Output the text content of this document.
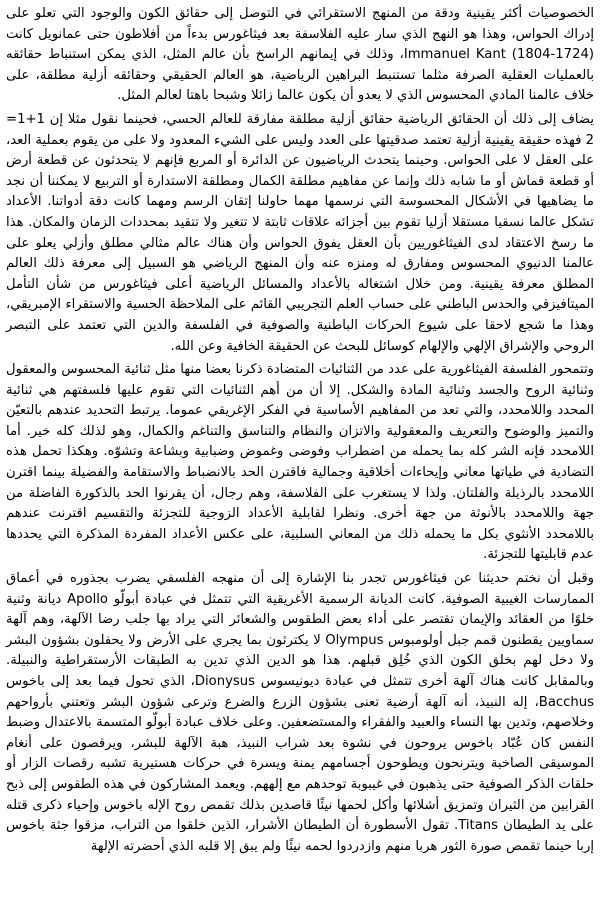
الخصوصيات أكثر يقينية ودقة من المنهج الاستقرائي في التوصل إلى حقائق الكون والوجود التي تعلو على إدراك الحواس، وهذا هو النهج الذي سار عليه الفلاسفة بعد فيثاغورس بدءاً من أفلاطون حتى عمانويل كانت (1724-1804) Immanuel Kant، وذلك في إيمانهم الراسخ بأن عالم المثل، الذي يمكن استنباط حقائقه بالعمليات العقلية الصرفة مثلما تستنبط البراهين الرياضية، هو العالم الحقيقي وحقائقه أزلية مطلقة، على خلاف عالمنا المادي المحسوس الذي لا يعدو أن يكون عالما زائلا وشبحا باهتا لعالم المثل.

يضاف إلى ذلك أن الحقائق الرياضية حقائق أزلية مطلقة مفارقة للعالم الحسي، فحينما نقول مثلا إن 1+1= 2 فهذه حقيقة يقينية أزلية تعتمد صدقيتها على العدد وليس على الشيء المعدود ولا على من يقوم بعملية العد، على العقل لا على الحواس. وحينما يتحدث الرياضيون عن الدائرة أو المربع فإنهم لا يتحدثون عن قطعة أرض أو قطعة قماش أو ما شابه ذلك وإنما عن مفاهيم مطلقة الكمال ومطلقة الاستدارة أو التربيع لا يمكننا أن نجد ما يضاهيها في الأشكال المحسوسة التي نرسمها مهما حاولنا إتقان الرسم ومهما كانت دقة أدواتنا. الأعداد تشكل عالما نسقيا مستقلا أزليا تقوم بين أجزائه علاقات ثابتة لا تتغير ولا تتقيد بمحددات الزمان والمكان. هذا ما رسخ الاعتقاد لدى الفيثاغوريين بأن العقل يفوق الحواس وأن هناك عالم مثالي مطلق وأزلي يعلو على عالمنا الدنيوي المحسوس ومفارق له ومنزه عنه وأن المنهج الرياضي هو السبيل إلى معرفة ذلك العالم المطلق معرفة يقينية. ومن خلال اشتغاله بالأعداد والمسائل الرياضية أعلى فيثاغورس من شأن التأمل الميتافيزقي والحدس الباطني على حساب العلم التجريبي القائم على الملاحظة الحسية والاستقراء الإمبريقي، وهذا ما شجع لاحقا على شيوع الحركات الباطنية والصوفية في الفلسفة والدين التي تعتمد على التبصر الروحي والإشراق الإلهي والإلهام كوسائل للبحث عن الحقيقة الخافية وعن الله.

وتتمحور الفلسفة الفيثاغورية على عدد من الثنائيات المتضادة ذكرنا بعضا منها مثل ثنائية المحسوس والمعقول وثنائية الروح والجسد وثنائية المادة والشكل. إلا أن من أهم الثنائيات التي تقوم عليها فلسفتهم هي ثنائية المحدد واللامحدد، والتي تعد من المفاهيم الأساسية في الفكر الإغريقي عموما. يرتبط التحديد عندهم بالتعيّن والتميز والوضوح والتعريف والمعقولية والاتزان والنظام والتناسق والتناغم والكمال، وهو لذلك كله خير. أما اللامحدد فإنه الشر كله بما يحمله من اضطراب وفوضى وغموض وضبابية وبشاعة وتشوّه. وهكذا تحمل هذه التضادية في طياتها معاني وإيحاءات أخلاقية وجمالية فاقترن الحد بالانضباط والاستقامة والفضيلة بينما اقترن اللامحدد بالرذيلة والفلتان. ولذا لا يستغرب على الفلاسفة، وهم رجال، أن يقرنوا الحد بالذكورة الفاضلة من جهة واللامحدد بالأنوثة من جهة أخرى. ونظرا لقابلية الأعداد الزوجية للتجزئة والتقسيم اقترنت عندهم باللامحدد الأنثوي بكل ما يحمله ذلك من المعاني السلبية، على عكس الأعداد المفردة المذكرة التي يحددها عدم قابليتها للتجزئة.

وقبل أن نختم حديثنا عن فيثاغورس تجدر بنا الإشارة إلى أن منهجه الفلسفي يضرب بجذوره في أعماق الممارسات الغيبية الصوفية. كانت الديانة الرسمية الأغريقية التي تتمثل في عبادة أبولّو Apollo ديانة وثنية خلوًا من العقائد والإيمان تقتصر على أداء بعض الطقوس والشعائر التي يراد بها جلب رضا الآلهة، وهم آلهة سماويين يقطنون قمم جبل أولومبوس Olympus لا يكترثون بما يجري على الأرض ولا يحفلون بشؤون البشر ولا دخل لهم بخلق الكون الذي خُلِق قبلهم. هذا هو الدين الذي تدين به الطبقات الأرستقراطية والنبيلة. وبالمقابل كانت هناك آلهة أخرى تتمثل في عبادة ديونيسوس Dionysus، الذي تحول فيما بعد إلى باخوس Bacchus، إله النبيذ، أنه آلهة أرضية تعنى بشؤون الزرع والضرع وترعى شؤون البشر وتعتني بأرواحهم وخلاصهم، وتدين بها النساء والعبيد والفقراء والمستضعفين. وعلى خلاف عبادة أبولّو المتسمة بالاعتدال وضبط النفس كان عُبّاد باخوس يروحون في نشوة بعد شراب النبيذ، هبة الآلهة للبشر، ويرقصون على أنغام الموسيقى الصاخبة ويترنحون ويطوحون أجسامهم يمنة ويسرة في حركات هستيرية تشبه رقصات الزار أو حلقات الذكر الصوفية حتى يذهبون في غيبوبة توحدهم مع إلههم. ويعمد المشاركون في هذه الطقوس إلى ذبح القرابين من الثيران وتمزيق أشلائها وأكل لحمها نيئًا قاصدين بذلك تقمص روح الإله باخوس وإحياء ذكرى قتله على يد الطيطان Titans. تقول الأسطورة أن الطيطان الأشرار، الذين خلقوا من التراب، مزقوا جثة باخوس إربا حينما تقمص صورة الثور هربا منهم وازدردوا لحمه نيئًا ولم يبق إلا قلبه الذي أحضرته الإلهة
